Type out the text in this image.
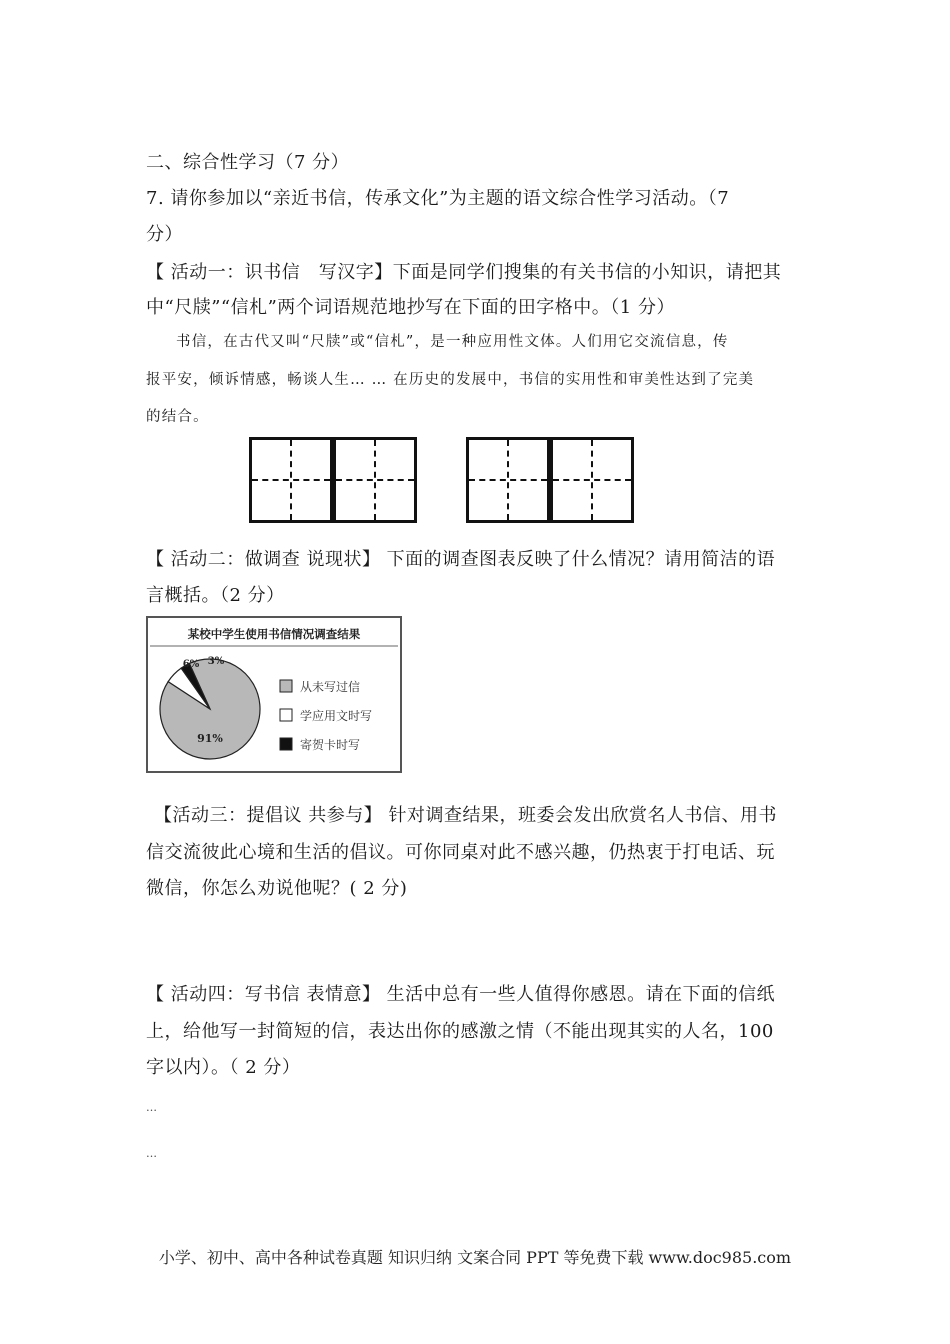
二、综合性学习（7 分）
7. 请你参加以“亲近书信，传承文化”为主题的语文综合性学习活动。（7
分）
【 活动一：识书信　写汉字】下面是同学们搜集的有关书信的小知识，请把其
中“尺牍”“信札”两个词语规范地抄写在下面的田字格中。（1 分）
书信，在古代又叫“尺牍”或“信札”，是一种应用性文体。人们用它交流信息，传
报平安，倾诉情感，畅谈人生… … 在历史的发展中，书信的实用性和审美性达到了完美
的结合。
【 活动二：做调查 说现状】 下面的调查图表反映了什么情况？请用简洁的语
言概括。（2 分）
某校中学生使用书信情况调查结果
91%
6% 3%
从未写过信
学应用文时写
寄贺卡时写
【活动三：提倡议 共参与】 针对调查结果，班委会发出欣赏名人书信、用书
信交流彼此心境和生活的倡议。可你同桌对此不感兴趣，仍热衷于打电话、玩
微信，你怎么劝说他呢？( 2 分)
【 活动四：写书信 表情意】 生活中总有一些人值得你感恩。请在下面的信纸
上，给他写一封简短的信，表达出你的感激之情（不能出现其实的人名，100
字以内）。（ 2 分）
…
…
小学、初中、高中各种试卷真题 知识归纳 文案合同 PPT 等免费下载 www.doc985.com
